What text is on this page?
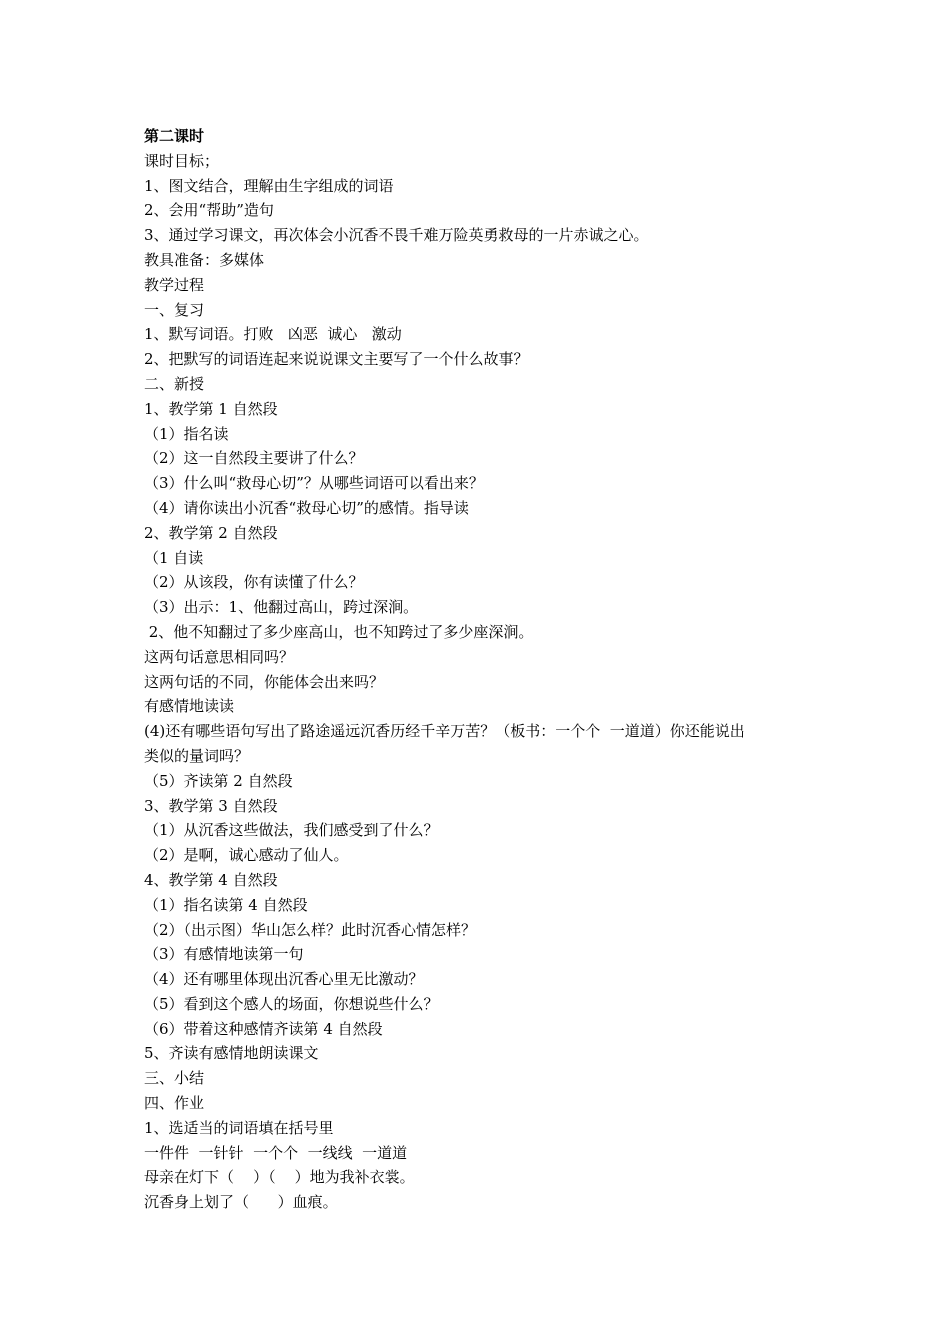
第二课时
课时目标；
1、图文结合，理解由生字组成的词语
2、会用“帮助”造句
3、通过学习课文，再次体会小沉香不畏千难万险英勇救母的一片赤诚之心。
教具准备：多媒体
教学过程
一、复习
1、默写词语。打败   凶恶  诚心   激动
2、把默写的词语连起来说说课文主要写了一个什么故事？
二、新授
1、教学第 1 自然段
（1）指名读
（2）这一自然段主要讲了什么？
（3）什么叫“救母心切”？从哪些词语可以看出来？
（4）请你读出小沉香“救母心切”的感情。指导读
2、教学第 2 自然段
（1 自读
（2）从该段，你有读懂了什么？
（3）出示：1、他翻过高山，跨过深涧。
2、他不知翻过了多少座高山，也不知跨过了多少座深涧。
这两句话意思相同吗？
这两句话的不同，你能体会出来吗？
有感情地读读
(4)还有哪些语句写出了路途遥远沉香历经千辛万苦？（板书：一个个  一道道）你还能说出
类似的量词吗？
（5）齐读第 2 自然段
3、教学第 3 自然段
（1）从沉香这些做法，我们感受到了什么？
（2）是啊，诚心感动了仙人。
4、教学第 4 自然段
（1）指名读第 4 自然段
（2）（出示图）华山怎么样？此时沉香心情怎样？
（3）有感情地读第一句
（4）还有哪里体现出沉香心里无比激动？
（5）看到这个感人的场面，你想说些什么？
（6）带着这种感情齐读第 4 自然段
5、齐读有感情地朗读课文
三、小结
四、作业
1、选适当的词语填在括号里
一件件  一针针  一个个  一线线  一道道
母亲在灯下（    ）（    ）地为我补衣裳。
沉香身上划了（      ）血痕。
